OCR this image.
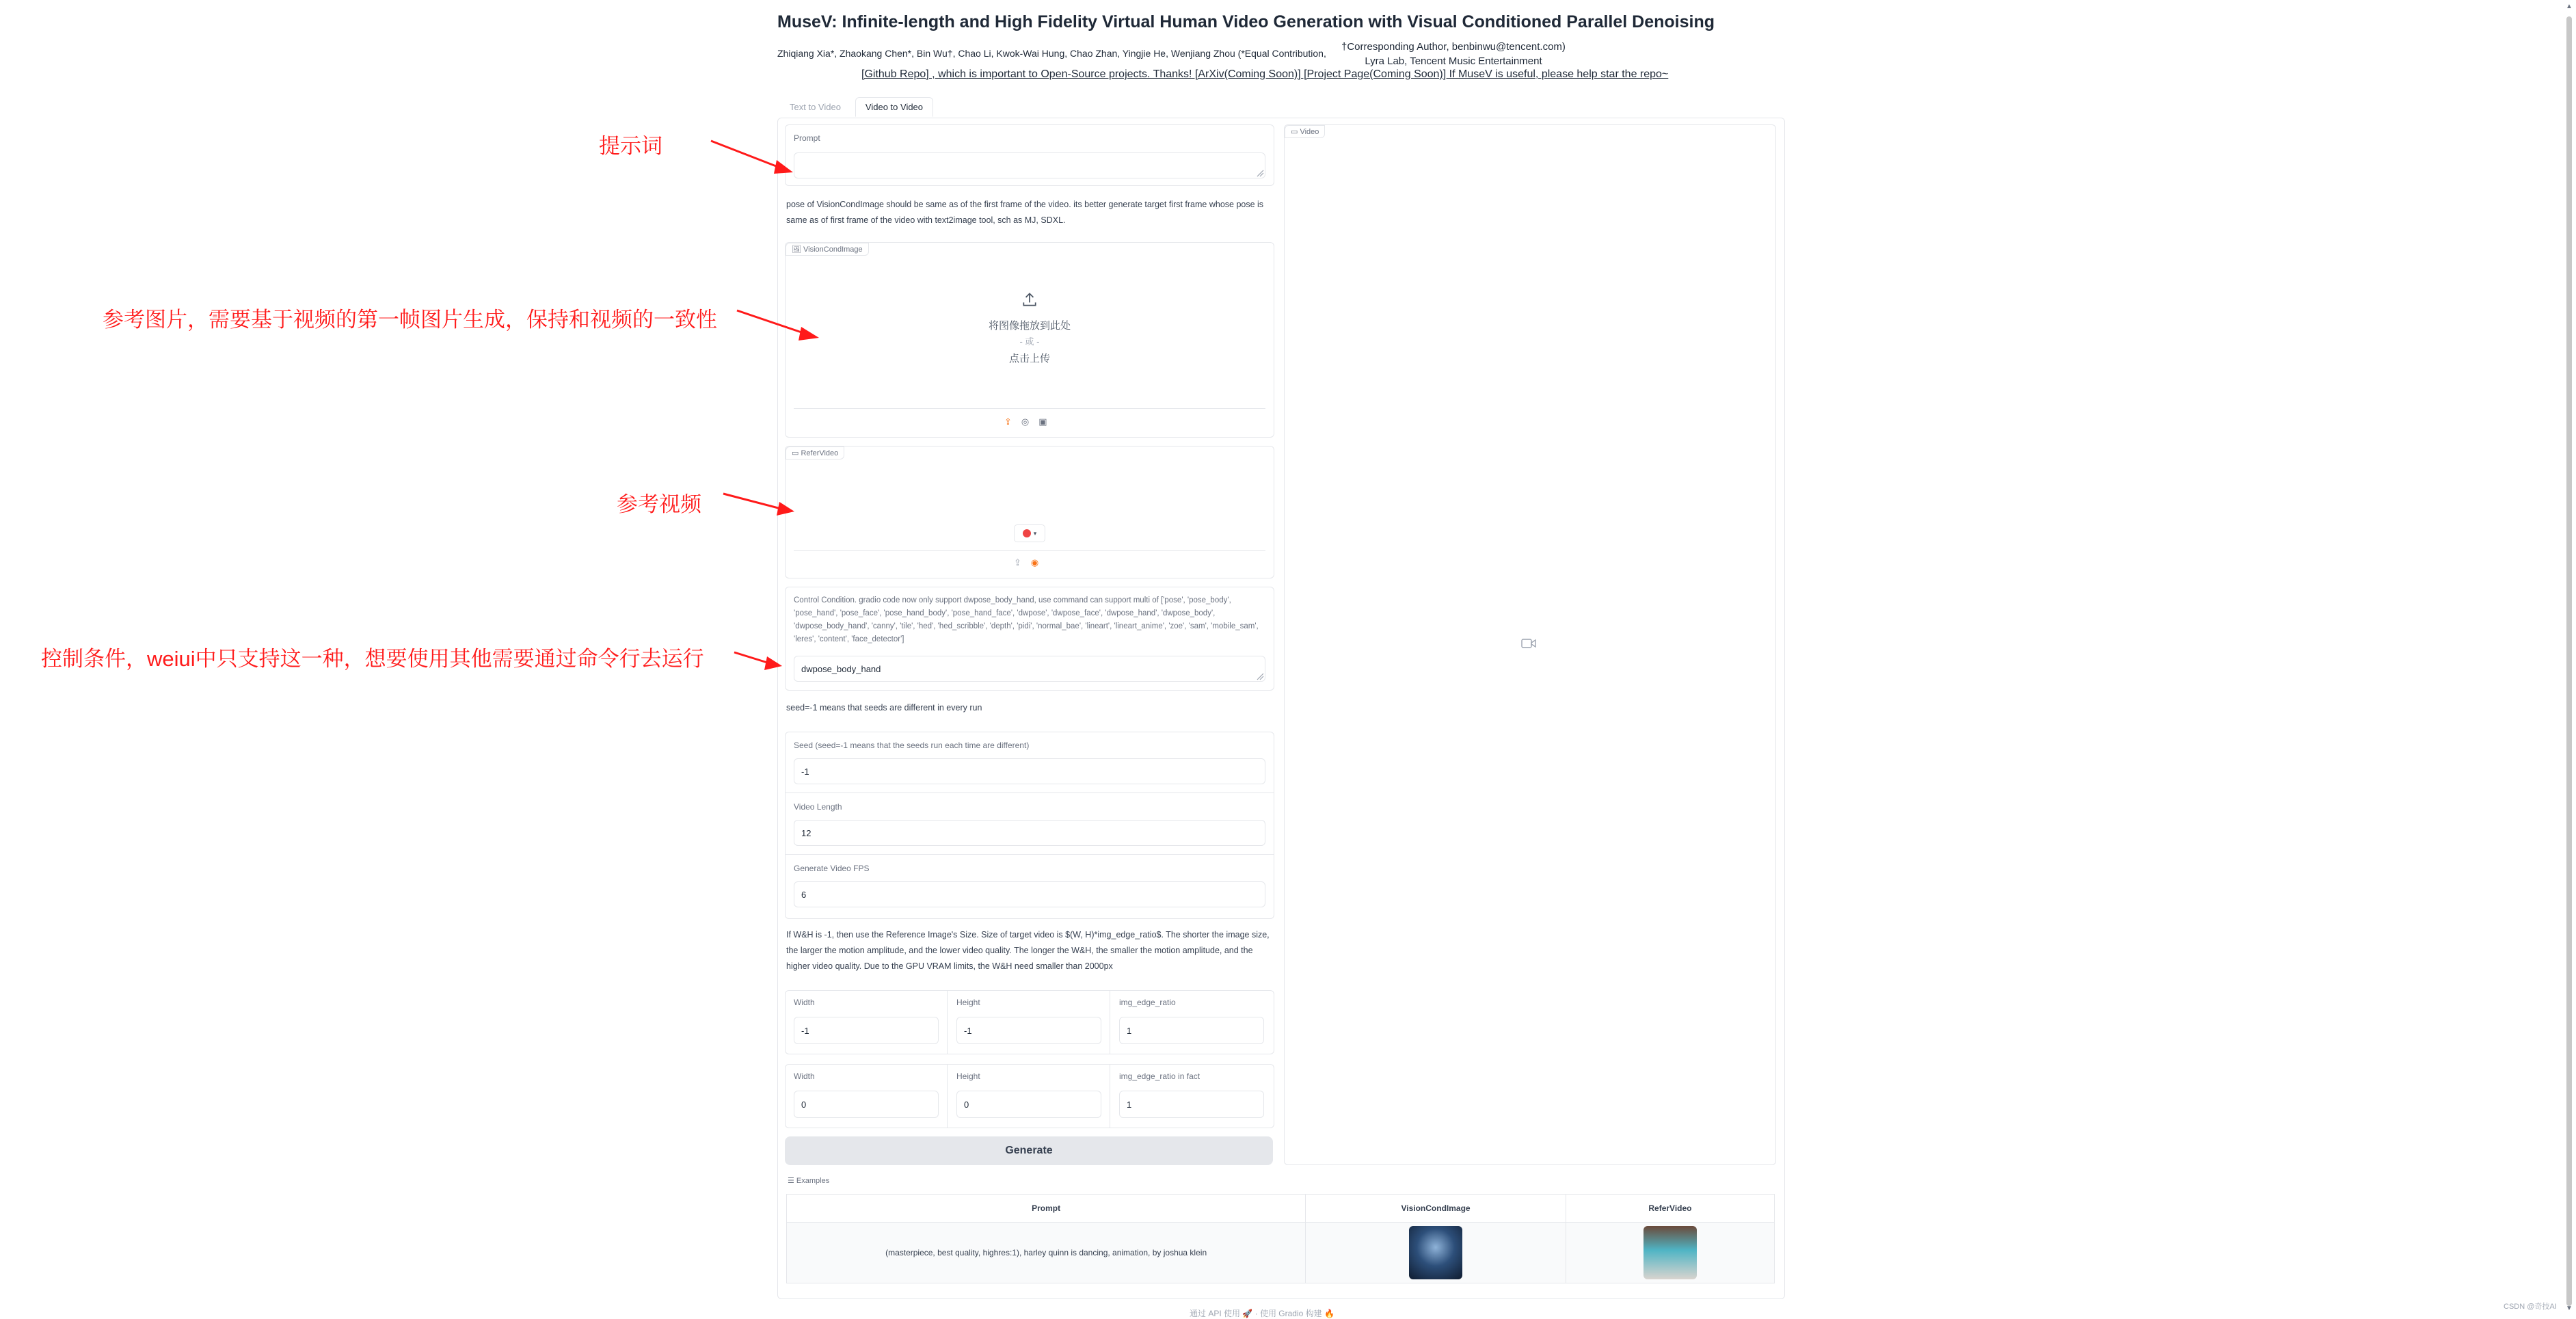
MuseV: Infinite-length and High Fidelity Virtual Human Video Generation with Visual Conditioned Parallel Denoising
Zhiqiang Xia*, Zhaokang Chen*, Bin Wu†, Chao Li, Kwok-Wai Hung, Chao Zhan, Yingjie He, Wenjiang Zhou (*Equal Contribution,
†Corresponding Author, benbinwu@tencent.com)
Lyra Lab, Tencent Music Entertainment
[Github Repo] , which is important to Open-Source projects. Thanks! [ArXiv(Coming Soon)] [Project Page(Coming Soon)] If MuseV is useful, please help star the repo~
Text to Video	Video to Video
Prompt
pose of VisionCondImage should be same as of the first frame of the video. its better generate target first frame whose pose is same as of first frame of the video with text2image tool, sch as MJ, SDXL.
🖼 VisionCondImage
将图像拖放到此处
- 或 -
点击上传
⇪ ◎ ▣
▭ ReferVideo
▾
⇪ ◉
Control Condition. gradio code now only support dwpose_body_hand, use command can support multi of ['pose', 'pose_body', 'pose_hand', 'pose_face', 'pose_hand_body', 'pose_hand_face', 'dwpose', 'dwpose_face', 'dwpose_hand', 'dwpose_body', 'dwpose_body_hand', 'canny', 'tile', 'hed', 'hed_scribble', 'depth', 'pidi', 'normal_bae', 'lineart', 'lineart_anime', 'zoe', 'sam', 'mobile_sam', 'leres', 'content', 'face_detector']
dwpose_body_hand
seed=-1 means that seeds are different in every run
Seed (seed=-1 means that the seeds run each time are different)
-1
Video Length
12
Generate Video FPS
6
If W&H is -1, then use the Reference Image's Size. Size of target video is $(W, H)*img_edge_ratio$. The shorter the image size, the larger the motion amplitude, and the lower video quality. The longer the W&H, the smaller the motion amplitude, and the higher video quality. Due to the GPU VRAM limits, the W&H need smaller than 2000px
Width
-1
Height
-1
img_edge_ratio
1
Width
0
Height
0
img_edge_ratio in fact
1
Generate
▭ Video
☰ Examples
Prompt	VisionCondImage	ReferVideo
(masterpiece, best quality, highres:1), harley quinn is dancing, animation, by joshua klein		
通过 API 使用 🚀 · 使用 Gradio 构建 🔥
CSDN @奇技AI
▲
▼
提示词
参考图片，需要基于视频的第一帧图片生成，保持和视频的一致性
参考视频
控制条件，weiui中只支持这一种，想要使用其他需要通过命令行去运行
